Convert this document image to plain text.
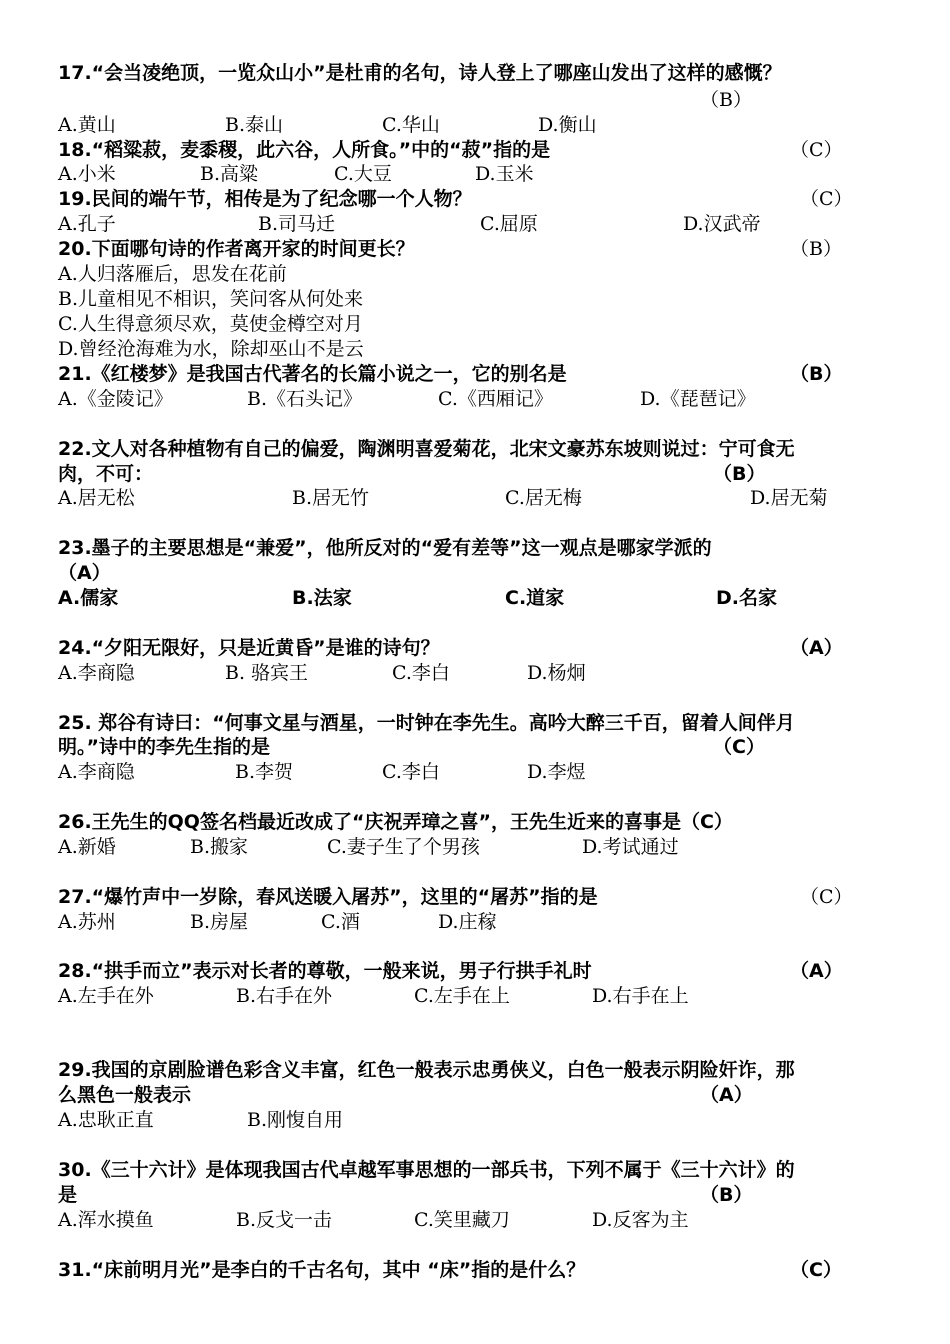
17.“会当凌绝顶，一览众山小”是杜甫的名句，诗人登上了哪座山发出了这样的感慨？
（B）
A.黄山	B.泰山	C.华山	D.衡山
18.“稻粱菽，麦黍稷，此六谷，人所食。”中的“菽”指的是	（C）
A.小米	B.高粱	C.大豆	D.玉米
19.民间的端午节，相传是为了纪念哪一个人物？	（C）
A.孔子	B.司马迁	C.屈原	D.汉武帝
20.下面哪句诗的作者离开家的时间更长？	（B）
A.人归落雁后，思发在花前
B.儿童相见不相识，笑问客从何处来
C.人生得意须尽欢，莫使金樽空对月
D.曾经沧海难为水，除却巫山不是云
21.《红楼梦》是我国古代著名的长篇小说之一，它的别名是	（B）
A.《金陵记》	B.《石头记》	C.《西厢记》	D.《琵琶记》
22.文人对各种植物有自己的偏爱，陶渊明喜爱菊花，北宋文豪苏东坡则说过：宁可食无
肉，不可：	（B）
A.居无松	B.居无竹	C.居无梅	D.居无菊
23.墨子的主要思想是“兼爱”，他所反对的“爱有差等”这一观点是哪家学派的
（A）
A.儒家	B.法家	C.道家	D.名家
24.“夕阳无限好，只是近黄昏”是谁的诗句？	（A）
A.李商隐	B. 骆宾王	C.李白	D.杨炯
25. 郑谷有诗曰：“何事文星与酒星，一时钟在李先生。高吟大醉三千百，留着人间伴月
明。”诗中的李先生指的是	（C）
A.李商隐	B.李贺	C.李白	D.李煜
26.王先生的QQ签名档最近改成了“庆祝弄璋之喜”，王先生近来的喜事是（C）
A.新婚	B.搬家	C.妻子生了个男孩	D.考试通过
27.“爆竹声中一岁除，春风送暖入屠苏”，这里的“屠苏”指的是	（C）
A.苏州	B.房屋	C.酒	D.庄稼
28.“拱手而立”表示对长者的尊敬，一般来说，男子行拱手礼时	（A）
A.左手在外	B.右手在外	C.左手在上	D.右手在上
29.我国的京剧脸谱色彩含义丰富，红色一般表示忠勇侠义，白色一般表示阴险奸诈，那
么黑色一般表示	（A）
A.忠耿正直	B.刚愎自用
30.《三十六计》是体现我国古代卓越军事思想的一部兵书，下列不属于《三十六计》的
是	（B）
A.浑水摸鱼	B.反戈一击	C.笑里藏刀	D.反客为主
31.“床前明月光”是李白的千古名句，其中 “床”指的是什么？	（C）
